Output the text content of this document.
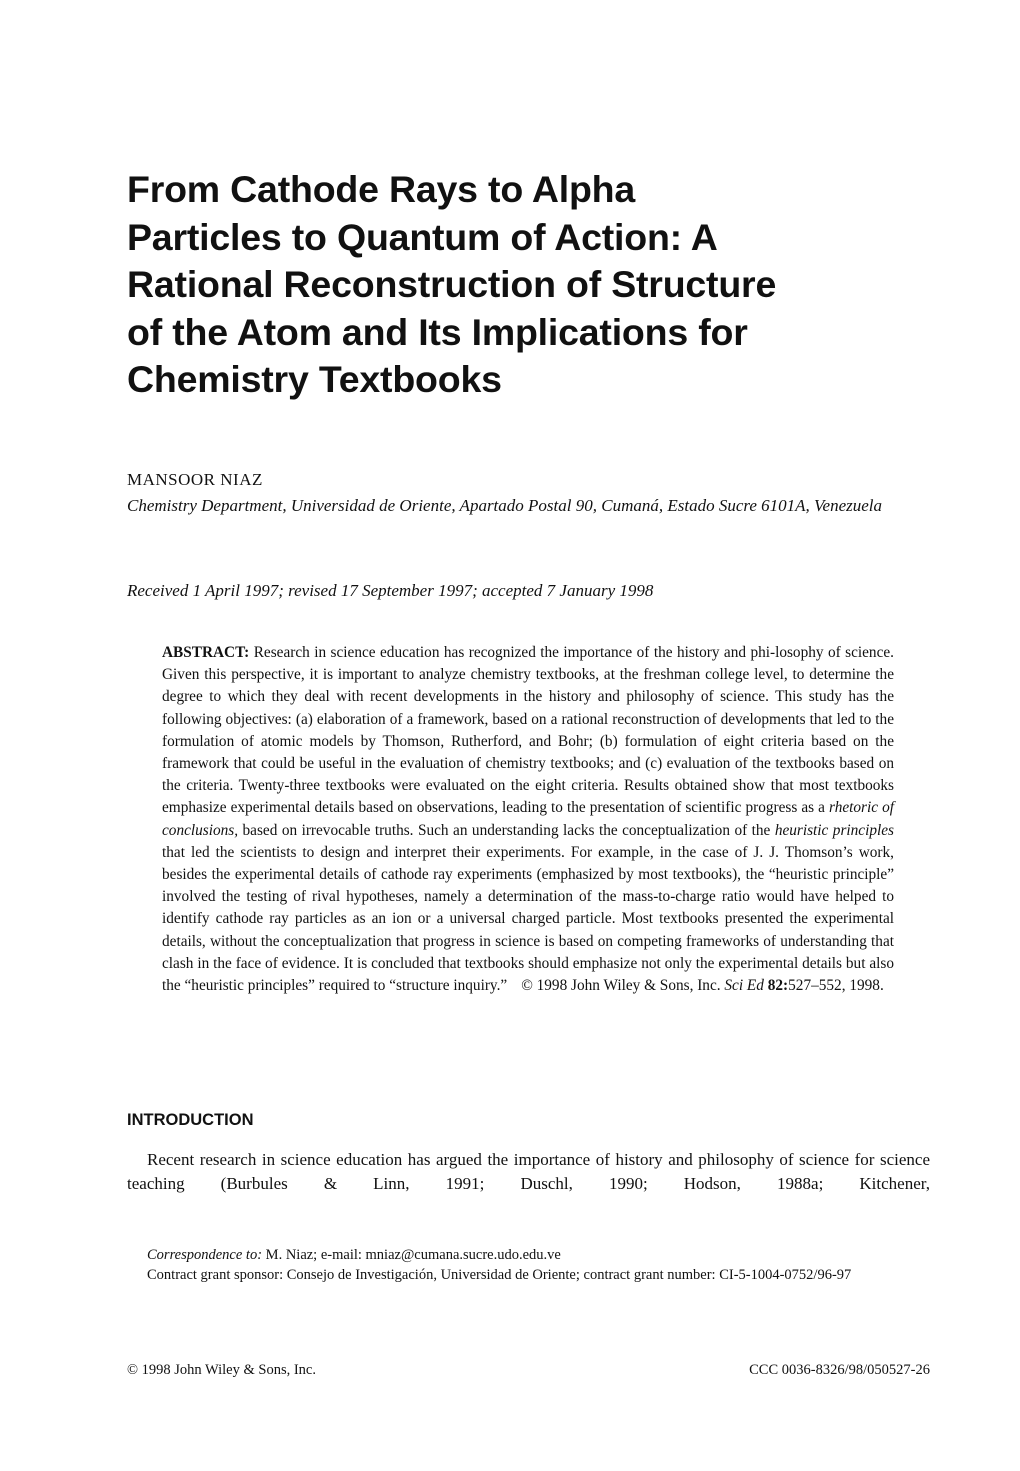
From Cathode Rays to Alpha
Particles to Quantum of Action: A
Rational Reconstruction of Structure
of the Atom and Its Implications for
Chemistry Textbooks
MANSOOR NIAZ
Chemistry Department, Universidad de Oriente, Apartado Postal 90, Cumaná, Estado Sucre 6101A, Venezuela
Received 1 April 1997; revised 17 September 1997; accepted 7 January 1998

ABSTRACT: Research in science education has recognized the importance of the history and phi-losophy of science. Given this perspective, it is important to analyze chemistry textbooks, at the freshman college level, to determine the degree to which they deal with recent developments in the history and philosophy of science. This study has the following objectives: (a) elaboration of a framework, based on a rational reconstruction of developments that led to the formulation of atomic models by Thomson, Rutherford, and Bohr; (b) formulation of eight criteria based on the framework that could be useful in the evaluation of chemistry textbooks; and (c) evaluation of the textbooks based on the criteria. Twenty-three textbooks were evaluated on the eight criteria. Results obtained show that most textbooks emphasize experimental details based on observations, leading to the presentation of scientific progress as a rhetoric of conclusions, based on irrevocable truths. Such an understanding lacks the conceptualization of the heuristic principles that led the scientists to design and interpret their experiments. For example, in the case of J. J. Thomson’s work, besides the experimental details of cathode ray experiments (emphasized by most textbooks), the “heuristic principle” involved the testing of rival hypotheses, namely a determination of the mass-to-charge ratio would have helped to identify cathode ray particles as an ion or a universal charged particle. Most textbooks presented the experimental details, without the conceptualization that progress in science is based on competing frameworks of understanding that clash in the face of evidence. It is concluded that textbooks should emphasize not only the experimental details but also the “heuristic principles” required to “structure inquiry.” © 1998 John Wiley & Sons, Inc. Sci Ed 82:527–552, 1998.

INTRODUCTION

Recent research in science education has argued the importance of history and philosophy of science for science teaching (Burbules & Linn, 1991; Duschl, 1990; Hodson, 1988a; Kitchener,

Correspondence to: M. Niaz; e-mail: mniaz@cumana.sucre.udo.edu.ve

Contract grant sponsor: Consejo de Investigación, Universidad de Oriente; contract grant number: CI-5-1004-0752/96-97

© 1998 John Wiley & Sons, Inc.	CCC 0036-8326/98/050527-26
